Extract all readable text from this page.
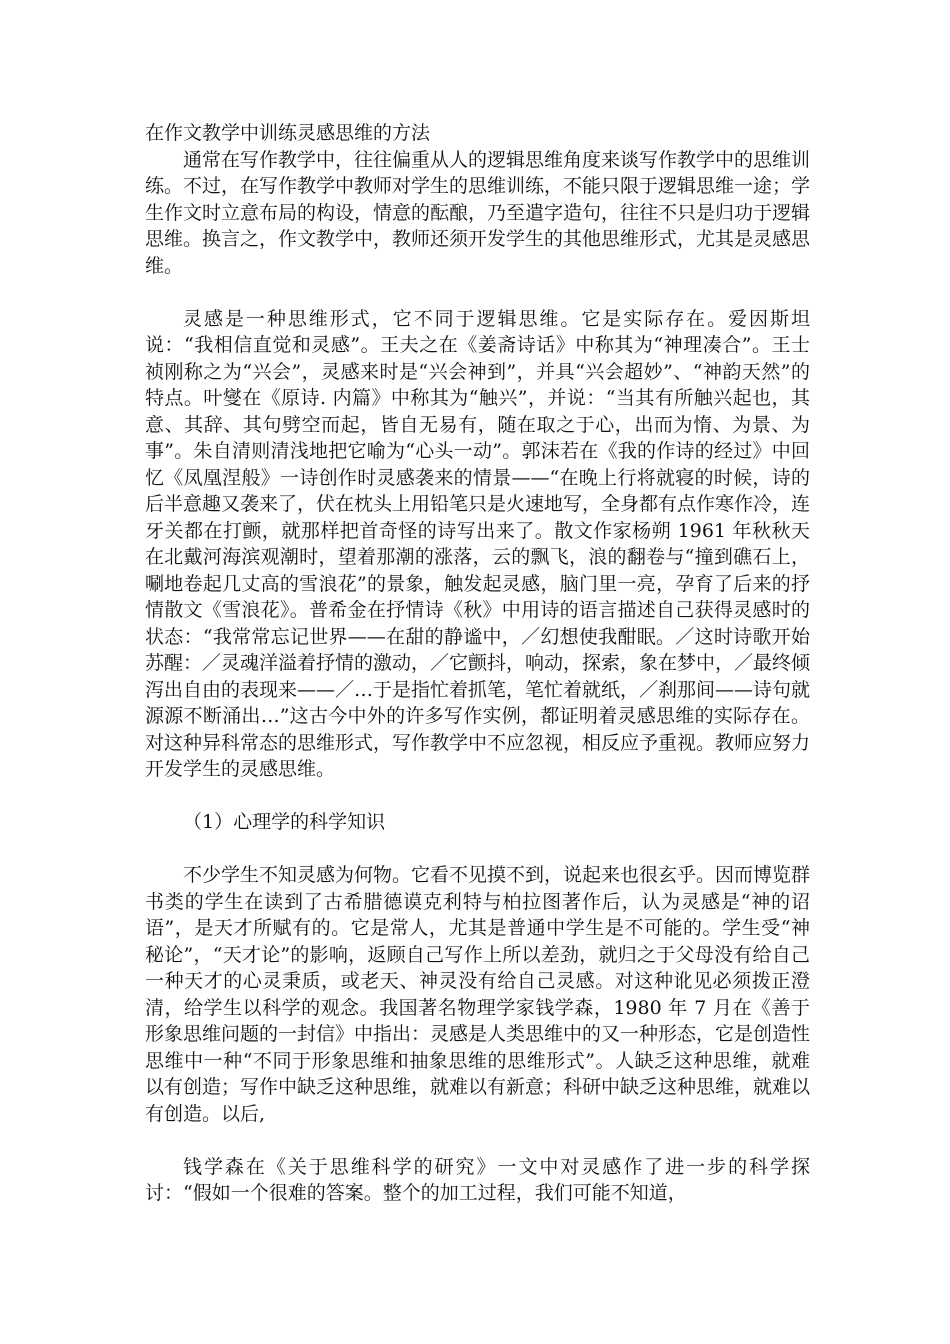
在作文教学中训练灵感思维的方法

通常在写作教学中，往往偏重从人的逻辑思维角度来谈写作教学中的思维训练。不过，在写作教学中教师对学生的思维训练，不能只限于逻辑思维一途；学生作文时立意布局的构设，情意的酝酿，乃至遣字造句，往往不只是归功于逻辑思维。换言之，作文教学中，教师还须开发学生的其他思维形式，尤其是灵感思维。

灵感是一种思维形式，它不同于逻辑思维。它是实际存在。爱因斯坦说：“我相信直觉和灵感”。王夫之在《姜斋诗话》中称其为“神理凑合”。王士祯刚称之为“兴会”，灵感来时是“兴会神到”，并具“兴会超妙”、“神韵天然”的特点。叶燮在《原诗. 内篇》中称其为“触兴”，并说：“当其有所触兴起也，其意、其辞、其句劈空而起，皆自无易有，随在取之于心，出而为惰、为景、为事”。朱自清则清浅地把它喻为“心头一动”。郭沫若在《我的作诗的经过》中回忆《凤凰涅般》一诗创作时灵感袭来的情景——“在晚上行将就寝的时候，诗的后半意趣又袭来了，伏在枕头上用铅笔只是火速地写，全身都有点作寒作冷，连牙关都在打颤，就那样把首奇怪的诗写出来了。散文作家杨朔 1961 年秋秋天在北戴河海滨观潮时，望着那潮的涨落，云的飘飞，浪的翻卷与“撞到礁石上，唰地卷起几丈高的雪浪花”的景象，触发起灵感，脑门里一亮，孕育了后来的抒情散文《雪浪花》。普希金在抒情诗《秋》中用诗的语言描述自己获得灵感时的状态：“我常常忘记世界——在甜的静谧中，／幻想使我酣眠。／这时诗歌开始苏醒：／灵魂洋溢着抒情的激动，／它颤抖，响动，探索，象在梦中，／最终倾泻出自由的表现来——／…于是指忙着抓笔，笔忙着就纸，／刹那间——诗句就源源不断涌出…”这古今中外的许多写作实例，都证明着灵感思维的实际存在。对这种异科常态的思维形式，写作教学中不应忽视，相反应予重视。教师应努力开发学生的灵感思维。

（1）心理学的科学知识

不少学生不知灵感为何物。它看不见摸不到，说起来也很玄乎。因而博览群书类的学生在读到了古希腊德谟克利特与柏拉图著作后，认为灵感是“神的诏语”，是天才所赋有的。它是常人，尤其是普通中学生是不可能的。学生受“神秘论”，“天才论”的影响，返顾自己写作上所以差劲，就归之于父母没有给自己一种天才的心灵秉质，或老天、神灵没有给自己灵感。对这种讹见必须拨正澄清，给学生以科学的观念。我国著名物理学家钱学森，1980 年 7 月在《善于形象思维问题的一封信》中指出：灵感是人类思维中的又一种形态，它是创造性思维中一种“不同于形象思维和抽象思维的思维形式”。人缺乏这种思维，就难以有创造；写作中缺乏这种思维，就难以有新意；科研中缺乏这种思维，就难以有创造。以后,

钱学森在《关于思维科学的研究》一文中对灵感作了进一步的科学探讨：“假如一个很难的答案。整个的加工过程，我们可能不知道，
